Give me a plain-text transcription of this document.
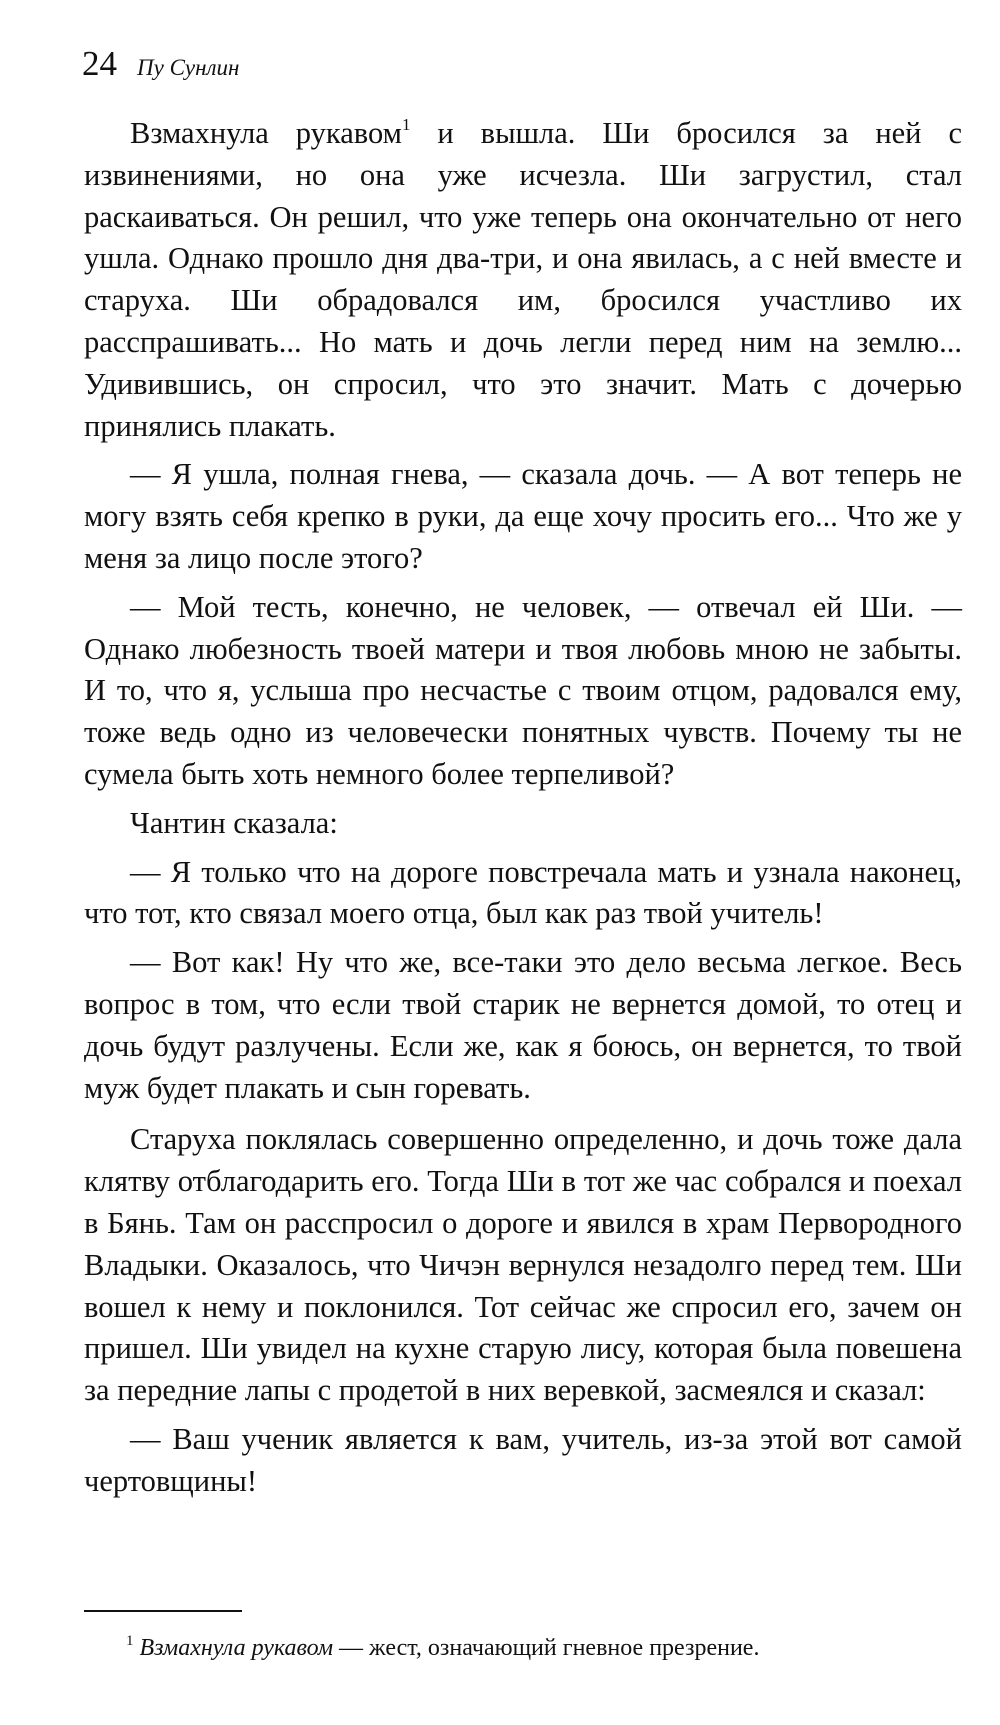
24 Пу Сунлин

Взмахнула рукавом$^1$ и вышла. Ши бросился за ней с извинениями, но она уже исчезла. Ши загрустил, стал раскаиваться. Он решил, что уже теперь она окончательно от него ушла. Однако прошло дня два-три, и она явилась, а с ней вместе и старуха. Ши обрадовался им, бросился участливо их расспрашивать... Но мать и дочь легли перед ним на землю... Удивившись, он спросил, что это значит. Мать с дочерью принялись плакать.

— Я ушла, полная гнева, — сказала дочь. — А вот теперь не могу взять себя крепко в руки, да еще хочу просить его... Что же у меня за лицо после этого?

— Мой тесть, конечно, не человек, — отвечал ей Ши. — Однако любезность твоей матери и твоя любовь мною не забыты. И то, что я, услыша про несчастье с твоим отцом, радовался ему, тоже ведь одно из человечески понятных чувств. Почему ты не сумела быть хоть немного более терпеливой?

Чантин сказала:

— Я только что на дороге повстречала мать и узнала наконец, что тот, кто связал моего отца, был как раз твой учитель!

— Вот как! Ну что же, все-таки это дело весьма легкое. Весь вопрос в том, что если твой старик не вернется домой, то отец и дочь будут разлучены. Если же, как я боюсь, он вернется, то твой муж будет плакать и сын горевать.

Старуха поклялась совершенно определенно, и дочь тоже дала клятву отблагодарить его. Тогда Ши в тот же час собрался и поехал в Бянь. Там он расспросил о дороге и явился в храм Первородного Владыки. Оказалось, что Чичэн вернулся незадолго перед тем. Ши вошел к нему и поклонился. Тот сейчас же спросил его, зачем он пришел. Ши увидел на кухне старую лису, которая была повешена за передние лапы с продетой в них веревкой, засмеялся и сказал:

— Ваш ученик является к вам, учитель, из-за этой вот самой чертовщины!

$^1$ Взмахнула рукавом — жест, означающий гневное презрение.
